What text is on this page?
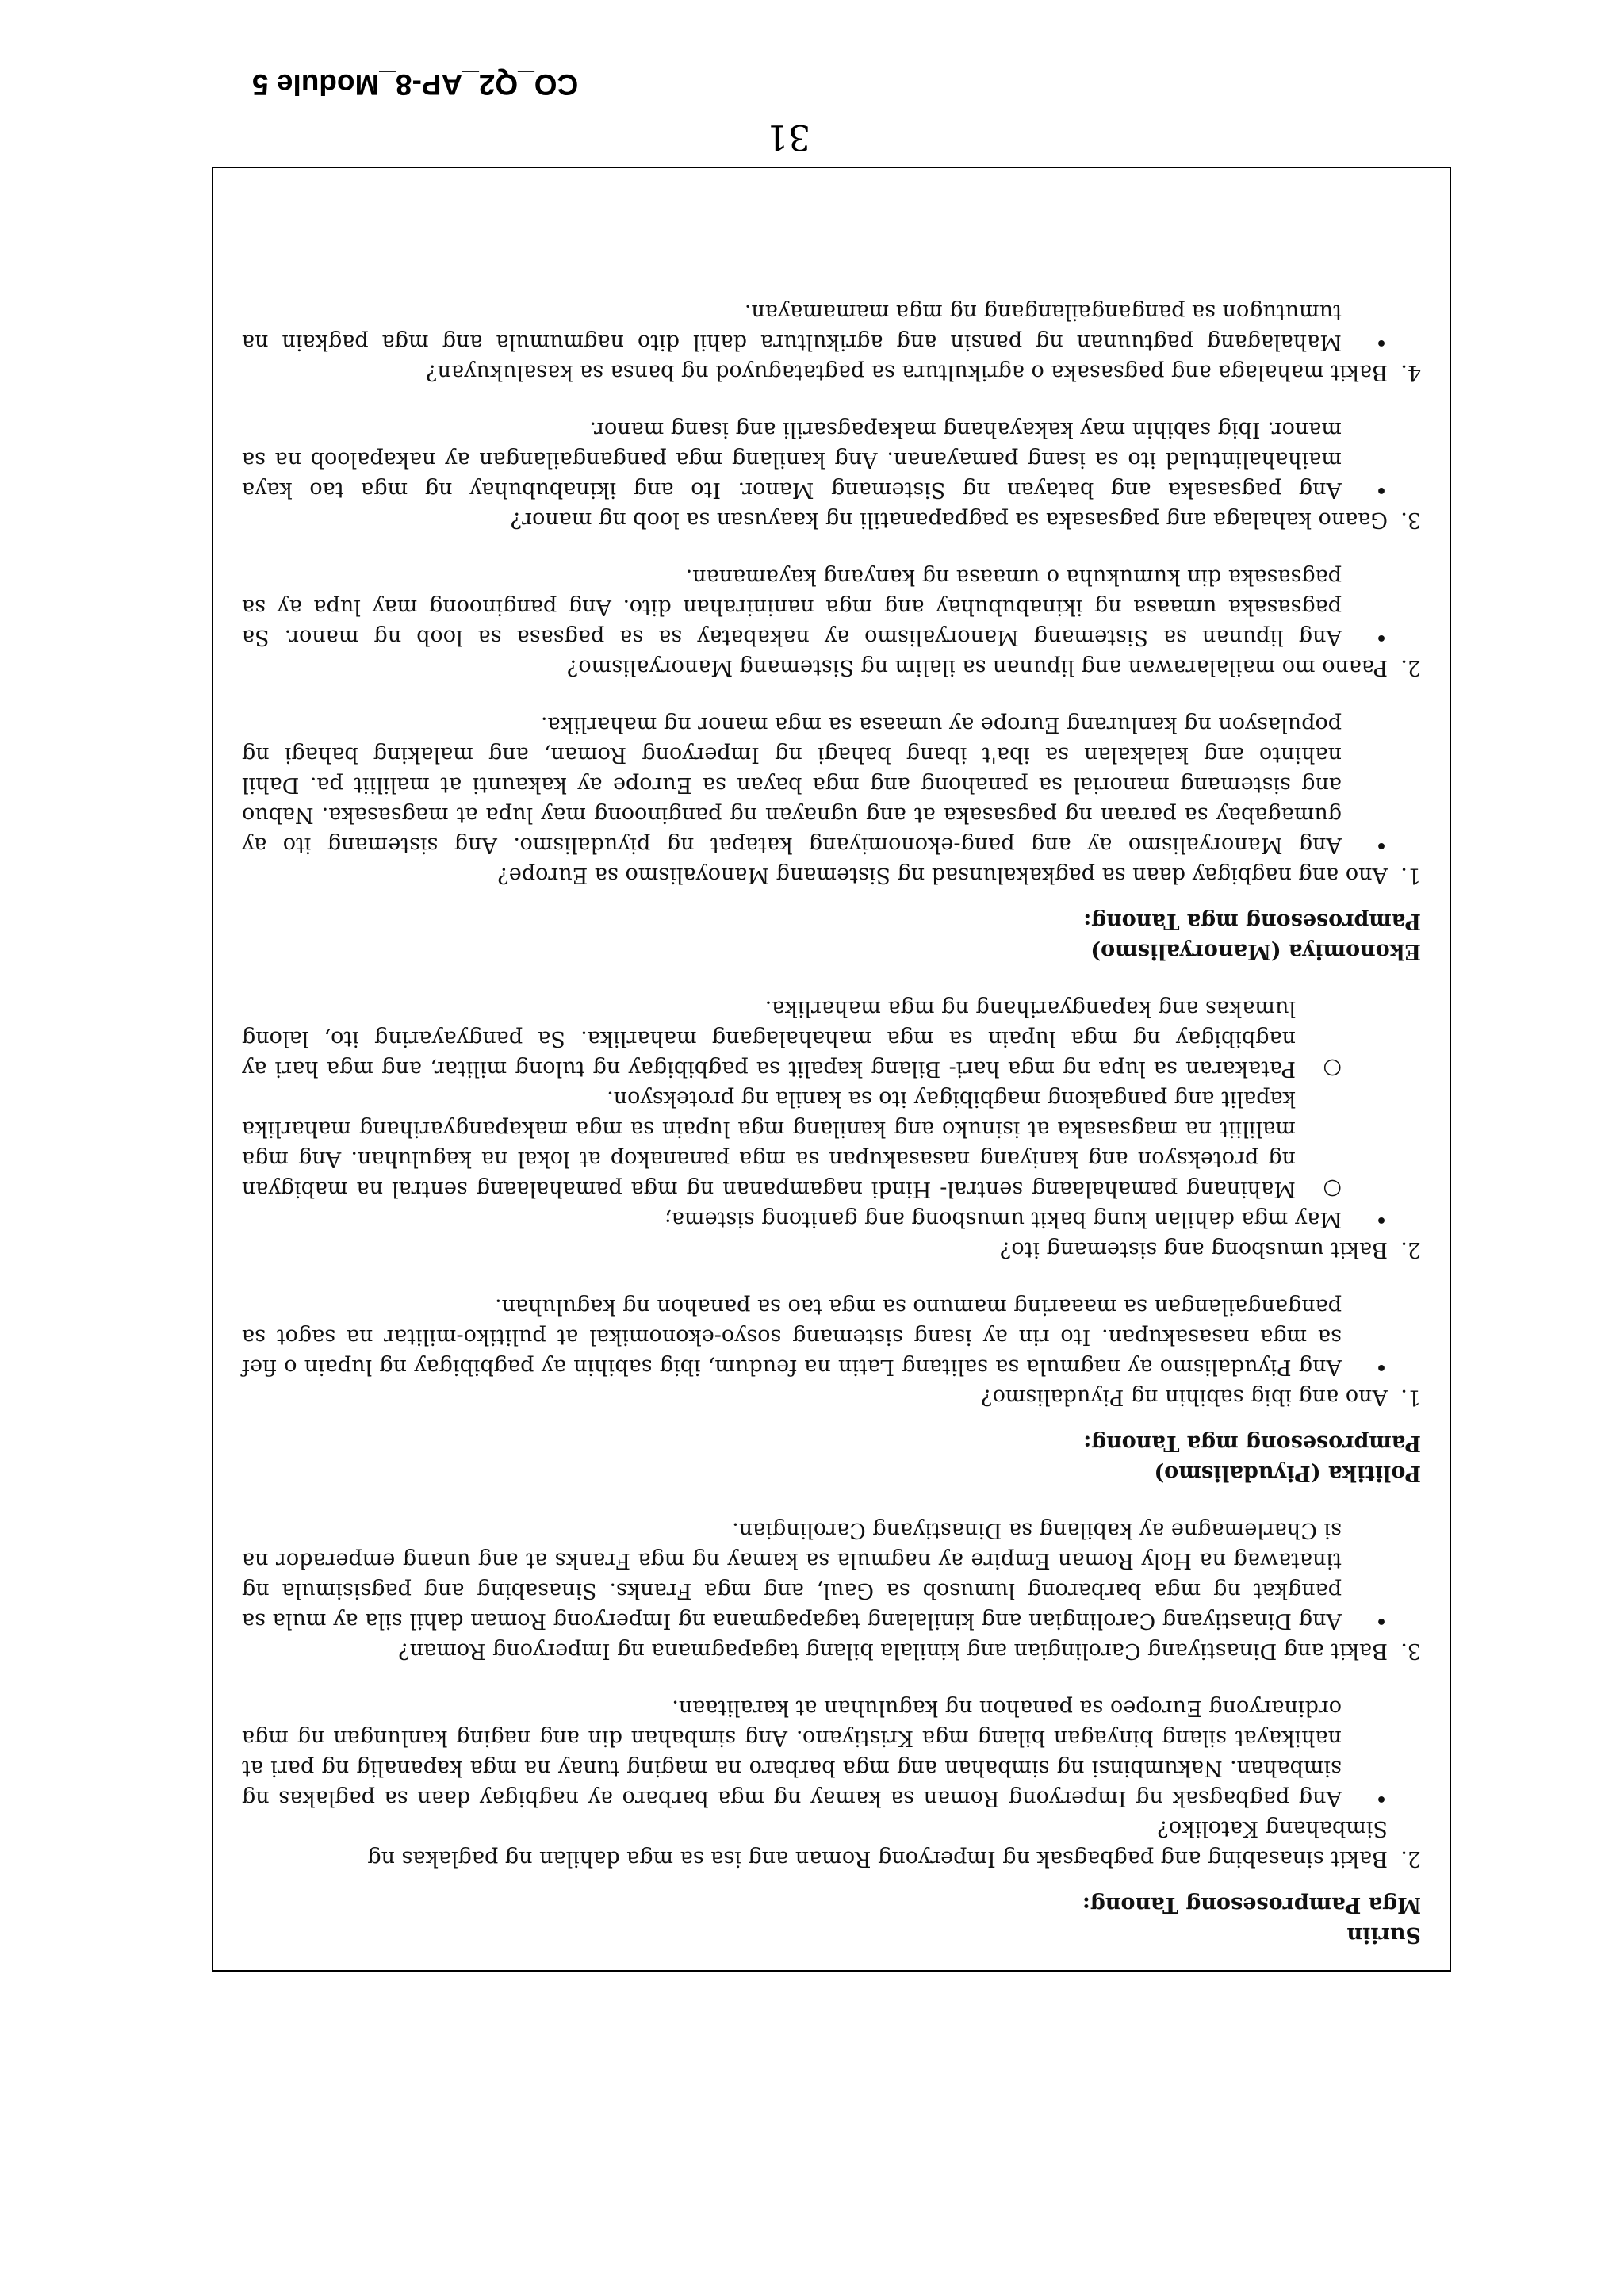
Suriin

Mga Pamprosesong Tanong:

2.
Bakit sinasabing ang pagbagsak ng Imperyong Roman ang isa sa mga dahilan ng paglakas ng Simbahang Katoliko?
•
Ang pagbagsak ng Imperyong Roman sa kamay ng mga barbaro ay nagbigay daan sa paglakas ng simbahan. Nakumbinsi ng simbahan ang mga barbaro na maging tunay na mga kapanalig ng pari at nahikayat silang binyagan bilang mga Kristiyano. Ang simbahan din ang naging kanlungan ng mga ordinaryong Europeo sa panahon ng kaguluhan at karalitaan.
3.
Bakit ang Dinastiyang Carolingian ang kinilala bilang tagapagmana ng Imperyong Roman?
•
Ang Dinastiyang Carolingian ang kinilalang tagapagmana ng Imperyong Roman dahil sila ay mula sa pangkat ng mga barbarong lumusob sa Gaul, ang mga Franks. Sinasabing ang pagsisimula ng tinatawag na Holy Roman Empire ay nagmula sa kamay ng mga Franks at ang unang emperador na si Charlemagne ay kabilang sa Dinastiyang Carolingian.

Politika (Piyudalismo)

Pamprosesong mga Tanong:

1.
Ano ang ibig sabihin ng Piyudalismo?
•
Ang Piyudalismo ay nagmula sa salitang Latin na feudum, ibig sabihin ay pagbibigay ng lupain o fief sa mga nasasakupan. Ito rin ay isang sistemang sosyo-ekonomikal at pulitiko-militar na sagot sa pangangailangan sa maaaring mamuno sa mga tao sa panahon ng kaguluhan.
2.
Bakit umusbong ang sistemang ito?
•
May mga dahilan kung bakit umusbong ang ganitong sistema;
○
Mahinang pamahalaang sentral- Hindi nagampanan ng mga pamahalaang sentral na mabigyan ng proteksyon ang kaniyang nasasakupan sa mga pananakop at lokal na kaguluhan. Ang mga maliliit na magsasaka at isinuko ang kanilang mga lupain sa mga makapangyarihang maharlika kapalit ang pangakong magbibigay ito sa kanila ng proteksyon.
○
Patakaran sa lupa ng mga hari- Bilang kapalit sa pagbibigay ng tulong militar, ang mga hari ay nagbibigay ng mga lupain sa mga mahahalagang maharlika. Sa pangyayaring ito, lalong lumakas ang kapangyarihang ng mga maharlika.

Ekonomiya (Manoryalismo)

Pamprosesong mga Tanong:

1.
Ano ang nagbigay daan sa pagkakalunsad ng Sistemang Manoyalismo sa Europe?
•
Ang Manoryalismo ay ang pang-ekonomiyang katapat ng piyudalismo. Ang sistemang ito ay gumagabay sa paraan ng pagsasaka at ang ugnayan ng panginoong may lupa at magsasaka. Nabuo ang sistemang manorial sa panahong ang mga bayan sa Europe ay kakaunti at maliliit pa. Dahil nahinto ang kalakalan sa iba't ibang bahagi ng Imperyong Roman, ang malaking bahagi ng populasyon ng kanlurang Europe ay umaasa sa mga manor ng maharlika.
2.
Paano mo mailalarawan ang lipunan sa ilalim ng Sistemang Manoryalismo?
•
Ang lipunan sa Sistemang Manoryalismo ay nakabatay sa sa pagsasa sa loob ng manor. Sa pagsasaka umaasa ng ikinabubuhay ang mga naninirahan dito. Ang panginoong may lupa ay sa pagsasaka din kumukuha o umaasa ng kanyang kayamanan.
3.
Gaano kahalaga ang pagsasaka sa pagpapanatili ng kaayusan sa loob ng manor?
•
Ang pagsasaka ang batayan ng Sistemang Manor. Ito ang ikinabubuhay ng mga tao kaya maihahalintulad ito sa isang pamayanan. Ang kanilang mga pangangailangan ay nakapaloob na sa manor. Ibig sabihin may kakayahang makapagsarili ang isang manor.
4.
Bakit mahalaga ang pagsasaka o agrikultura sa pagtataguyod ng bansa sa kasalukuyan?
•
Mahalagang pagtuunan ng pansin ang agrikultura dahil dito nagmumula ang mga pagkain na tumutugon sa pangangailangang ng mga mamamayan.
31
CO_Q2_AP-8_Module 5
